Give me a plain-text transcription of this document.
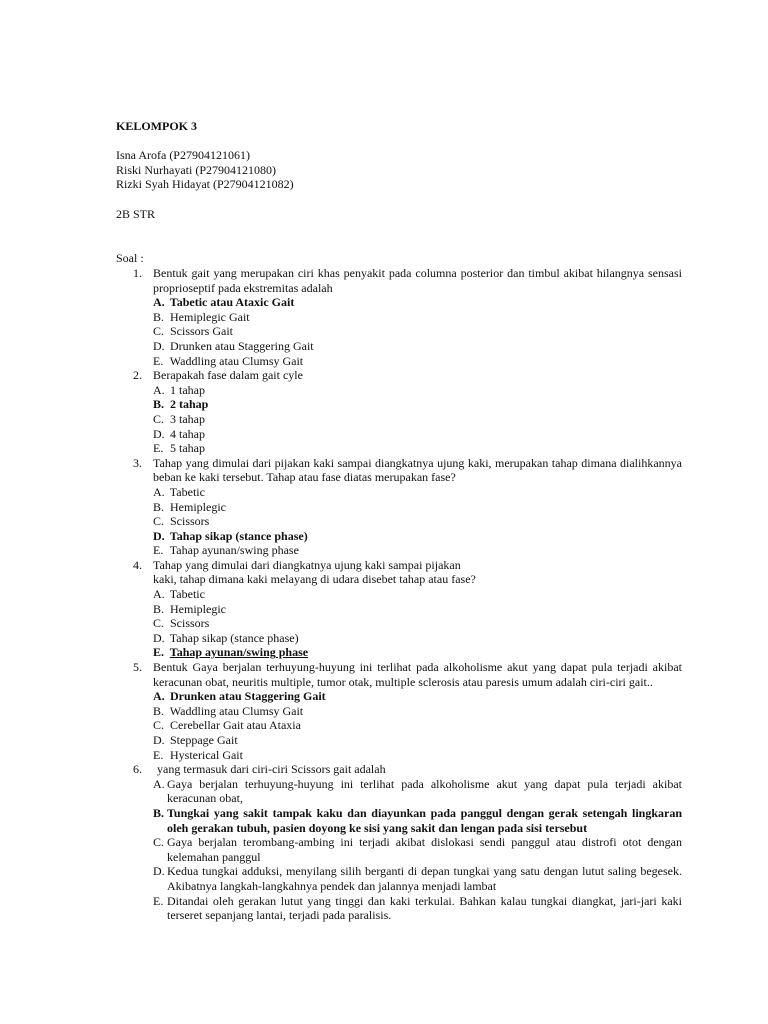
KELOMPOK 3
Isna Arofa (P27904121061)
Riski Nurhayati (P27904121080)
Rizki Syah Hidayat (P27904121082)
2B STR
Soal :
1. Bentuk gait yang merupakan ciri khas penyakit pada columna posterior dan timbul akibat hilangnya sensasi proprioseptif pada ekstremitas adalah
A. Tabetic atau Ataxic Gait
B. Hemiplegic Gait
C. Scissors Gait
D. Drunken atau Staggering Gait
E. Waddling atau Clumsy Gait
2. Berapakah fase dalam gait cyle
A. 1 tahap
B. 2 tahap
C. 3 tahap
D. 4 tahap
E. 5 tahap
3. Tahap yang dimulai dari pijakan kaki sampai diangkatnya ujung kaki, merupakan tahap dimana dialihkannya beban ke kaki tersebut. Tahap atau fase diatas merupakan fase?
A. Tabetic
B. Hemiplegic
C. Scissors
D. Tahap sikap (stance phase)
E. Tahap ayunan/swing phase
4. Tahap yang dimulai dari diangkatnya ujung kaki sampai pijakan
kaki, tahap dimana kaki melayang di udara disebet tahap atau fase?
A. Tabetic
B. Hemiplegic
C. Scissors
D. Tahap sikap (stance phase)
E. Tahap ayunan/swing phase
5. Bentuk Gaya berjalan terhuyung-huyung ini terlihat pada alkoholisme akut yang dapat pula terjadi akibat keracunan obat, neuritis multiple, tumor otak, multiple sclerosis atau paresis umum adalah ciri-ciri gait..
A. Drunken atau Staggering Gait
B. Waddling atau Clumsy Gait
C. Cerebellar Gait atau Ataxia
D. Steppage Gait
E. Hysterical Gait
6.	yang termasuk dari ciri-ciri Scissors gait adalah
A. Gaya berjalan terhuyung-huyung ini terlihat pada alkoholisme akut yang dapat pula terjadi akibat keracunan obat,
B. Tungkai yang sakit tampak kaku dan diayunkan pada panggul dengan gerak setengah lingkaran oleh gerakan tubuh, pasien doyong ke sisi yang sakit dan lengan pada sisi tersebut
C. Gaya berjalan terombang-ambing ini terjadi akibat dislokasi sendi panggul atau distrofi otot dengan kelemahan panggul
D. Kedua tungkai adduksi, menyilang silih berganti di depan tungkai yang satu dengan lutut saling begesek. Akibatnya langkah-langkahnya pendek dan jalannya menjadi lambat
E. Ditandai oleh gerakan lutut yang tinggi dan kaki terkulai. Bahkan kalau tungkai diangkat, jari-jari kaki terseret sepanjang lantai, terjadi pada paralisis.
